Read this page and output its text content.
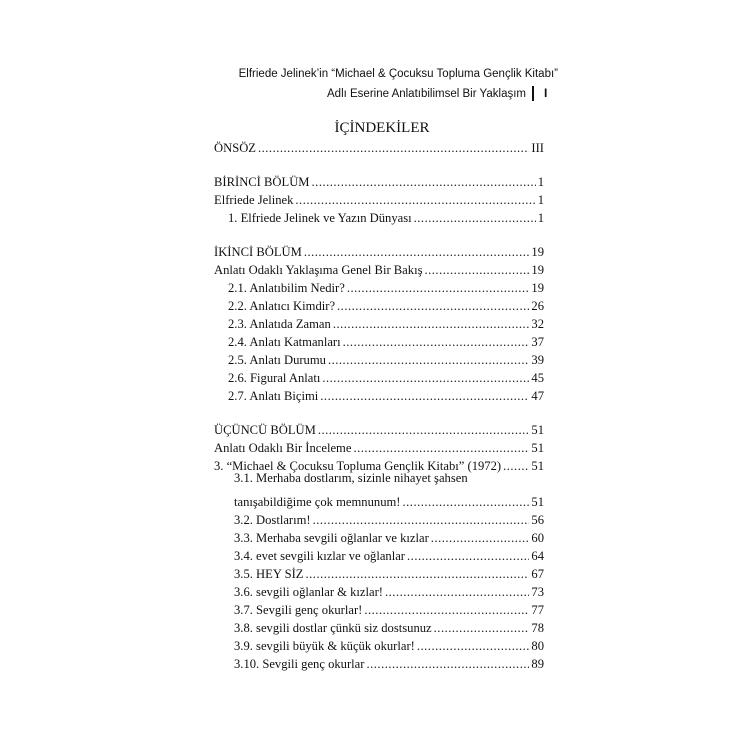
Elfriede Jelinek’in “Michael & Çocuksu Topluma Gençlik Kitabı”
Adlı Eserine Anlatıbilimsel Bir Yaklaşım I
İÇİNDEKİLER
ÖNSÖZ .....	III
BİRİNCİ BÖLÜM .....	1
Elfriede Jelinek .....	1
1. Elfriede Jelinek ve Yazın Dünyası .....	1
İKİNCİ BÖLÜM .....	19
Anlatı Odaklı Yaklaşıma Genel Bir Bakış .....	19
2.1. Anlatıbilim Nedir? .....	19
2.2. Anlatıcı Kimdir? .....	26
2.3. Anlatıda Zaman .....	32
2.4. Anlatı Katmanları .....	37
2.5. Anlatı Durumu .....	39
2.6. Figural Anlatı .....	45
2.7. Anlatı Biçimi .....	47
ÜÇÜNCÜ BÖLÜM .....	51
Anlatı Odaklı Bir İnceleme .....	51
3. “Michael & Çocuksu Topluma Gençlik Kitabı” (1972) ..... 51
3.1. Merhaba dostlarım, sizinle nihayet şahsen
tanışabildiğime çok memnunum! .....	51
3.2. Dostlarım! .....	56
3.3. Merhaba sevgili oğlanlar ve kızlar .....	60
3.4. evet sevgili kızlar ve oğlanlar .....	64
3.5. HEY SİZ .....	67
3.6. sevgili oğlanlar & kızlar! .....	73
3.7. Sevgili genç okurlar! .....	77
3.8. sevgili dostlar çünkü siz dostsunuz .....	78
3.9. sevgili büyük & küçük okurlar! .....	80
3.10. Sevgili genç okurlar .....	89
